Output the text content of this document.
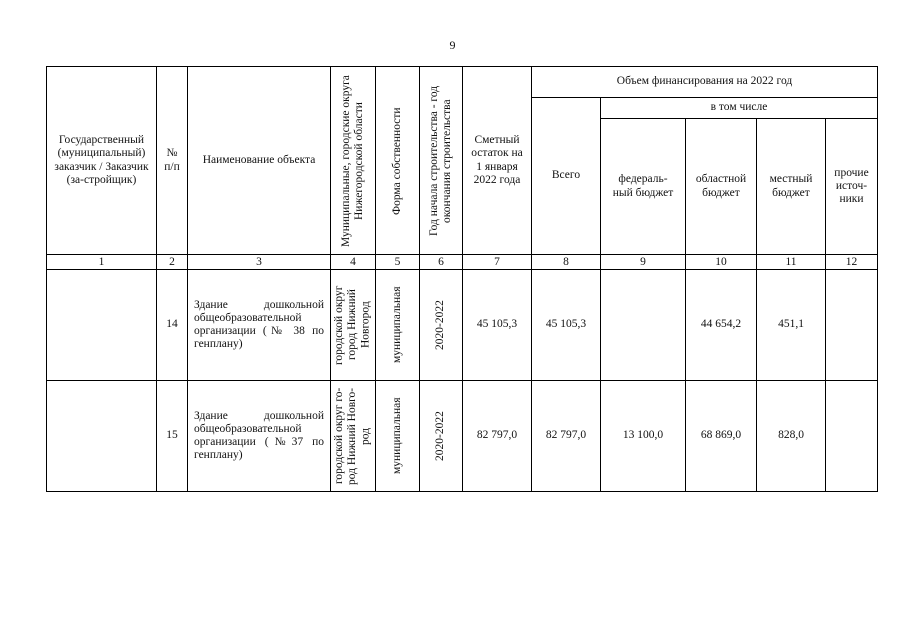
9
Государственный (муниципальный) заказчик / Заказчик (за-стройщик)	№ п/п	Наименование объекта	Муниципальные, городские округа Нижегородской области	Форма собственности	Год начала строительства - год окончания строительства	Сметный остаток на 1 января 2022 года	Объем финансирования на 2022 год				
							Всего	в том числе			

								федераль-ный бюджет	областной бюджет	местный бюджет	прочие источ-ники

1	2	3	4	5	6	7	8	9	10	11	12
	14	Здание дошкольной общеобразовательной организации (№ 38 по генплану)	городской округ город Нижний Новгород	муниципальная	2020-2022	45 105,3	45 105,3		44 654,2	451,1	
	15	Здание дошкольной общеобразовательной организации (№37 по генплану)	городской округ го-род Нижний Новго-род	муниципальная	2020-2022	82 797,0	82 797,0	13 100,0	68 869,0	828,0	
